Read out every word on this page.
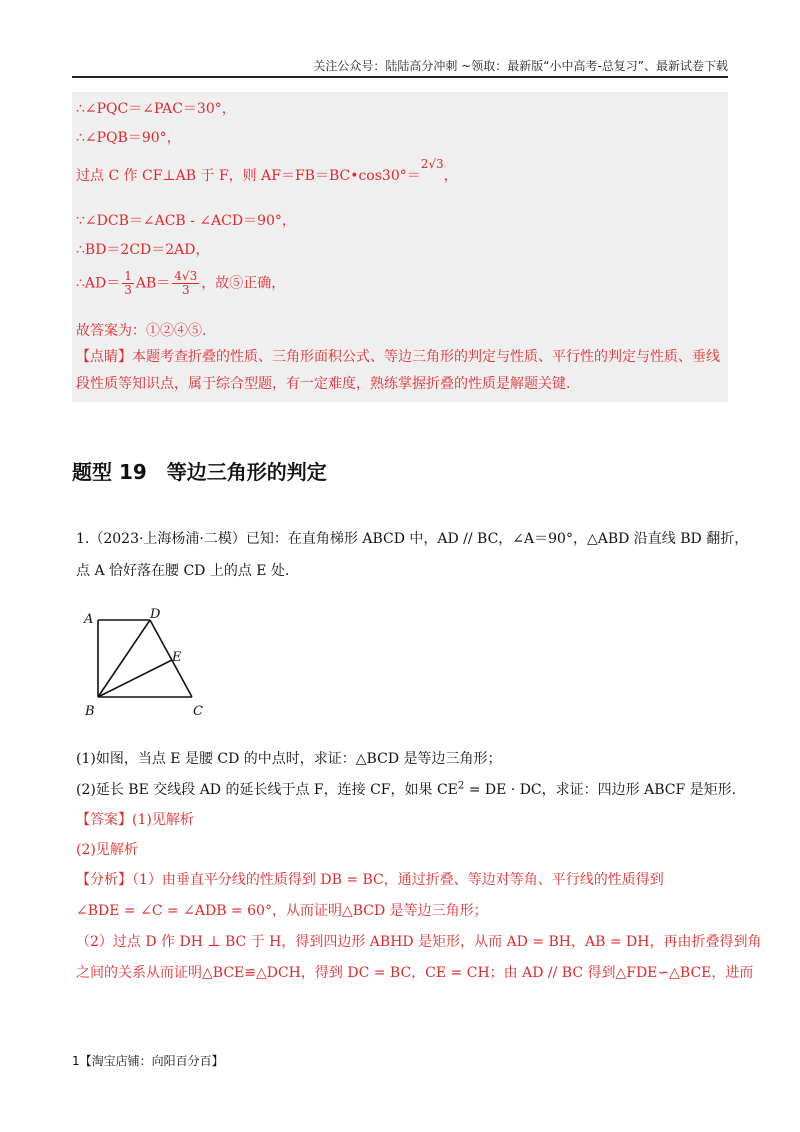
关注公众号：陆陆高分冲刺 ~领取：最新版“小中高考-总复习”、最新试卷下载
∴∠PQC＝∠PAC＝30°，
∴∠PQB＝90°，
过点 C 作 CF⊥AB 于 F，则 AF＝FB＝BC•cos30°＝2√3，
∵∠DCB＝∠ACB - ∠ACD＝90°，
∴BD＝2CD＝2AD，
∴AD＝ $\frac{1}{3} AB= \frac{4√3}{3}$ ，故⑤正确，
故答案为：①②④⑤.
【点睛】本题考查折叠的性质、三角形面积公式、等边三角形的判定与性质、平行性的判定与性质、垂线段性质等知识点，属于综合型题，有一定难度，熟练掌握折叠的性质是解题关键.
题型 19　等边三角形的判定
1.（2023·上海杨浦·二模）已知：在直角梯形 ABCD 中，AD // BC，∠A＝90°，△ABD 沿直线 BD 翻折，
点 A 恰好落在腰 CD 上的点 E 处.
A	D
E
B	C
(1)如图，当点 E 是腰 CD 的中点时，求证：△BCD 是等边三角形；
(2)延长 BE 交线段 AD 的延长线于点 F，连接 CF，如果 $CE^2$ = DE · DC，求证：四边形 ABCF 是矩形.
【答案】(1)见解析
(2)见解析
【分析】（1）由垂直平分线的性质得到 DB = BC，通过折叠、等边对等角、平行线的性质得到
∠BDE = ∠C = ∠ADB = 60°，从而证明△BCD 是等边三角形；
（2）过点 D 作 DH ⊥ BC 于 H，得到四边形 ABHD 是矩形，从而 AD = BH，AB = DH，再由折叠得到角
之间的关系从而证明△BCE≌△DCH，得到 DC = BC，CE = CH；由 AD // BC 得到△FDE∽△BCE，进而
1【淘宝店铺：向阳百分百】
